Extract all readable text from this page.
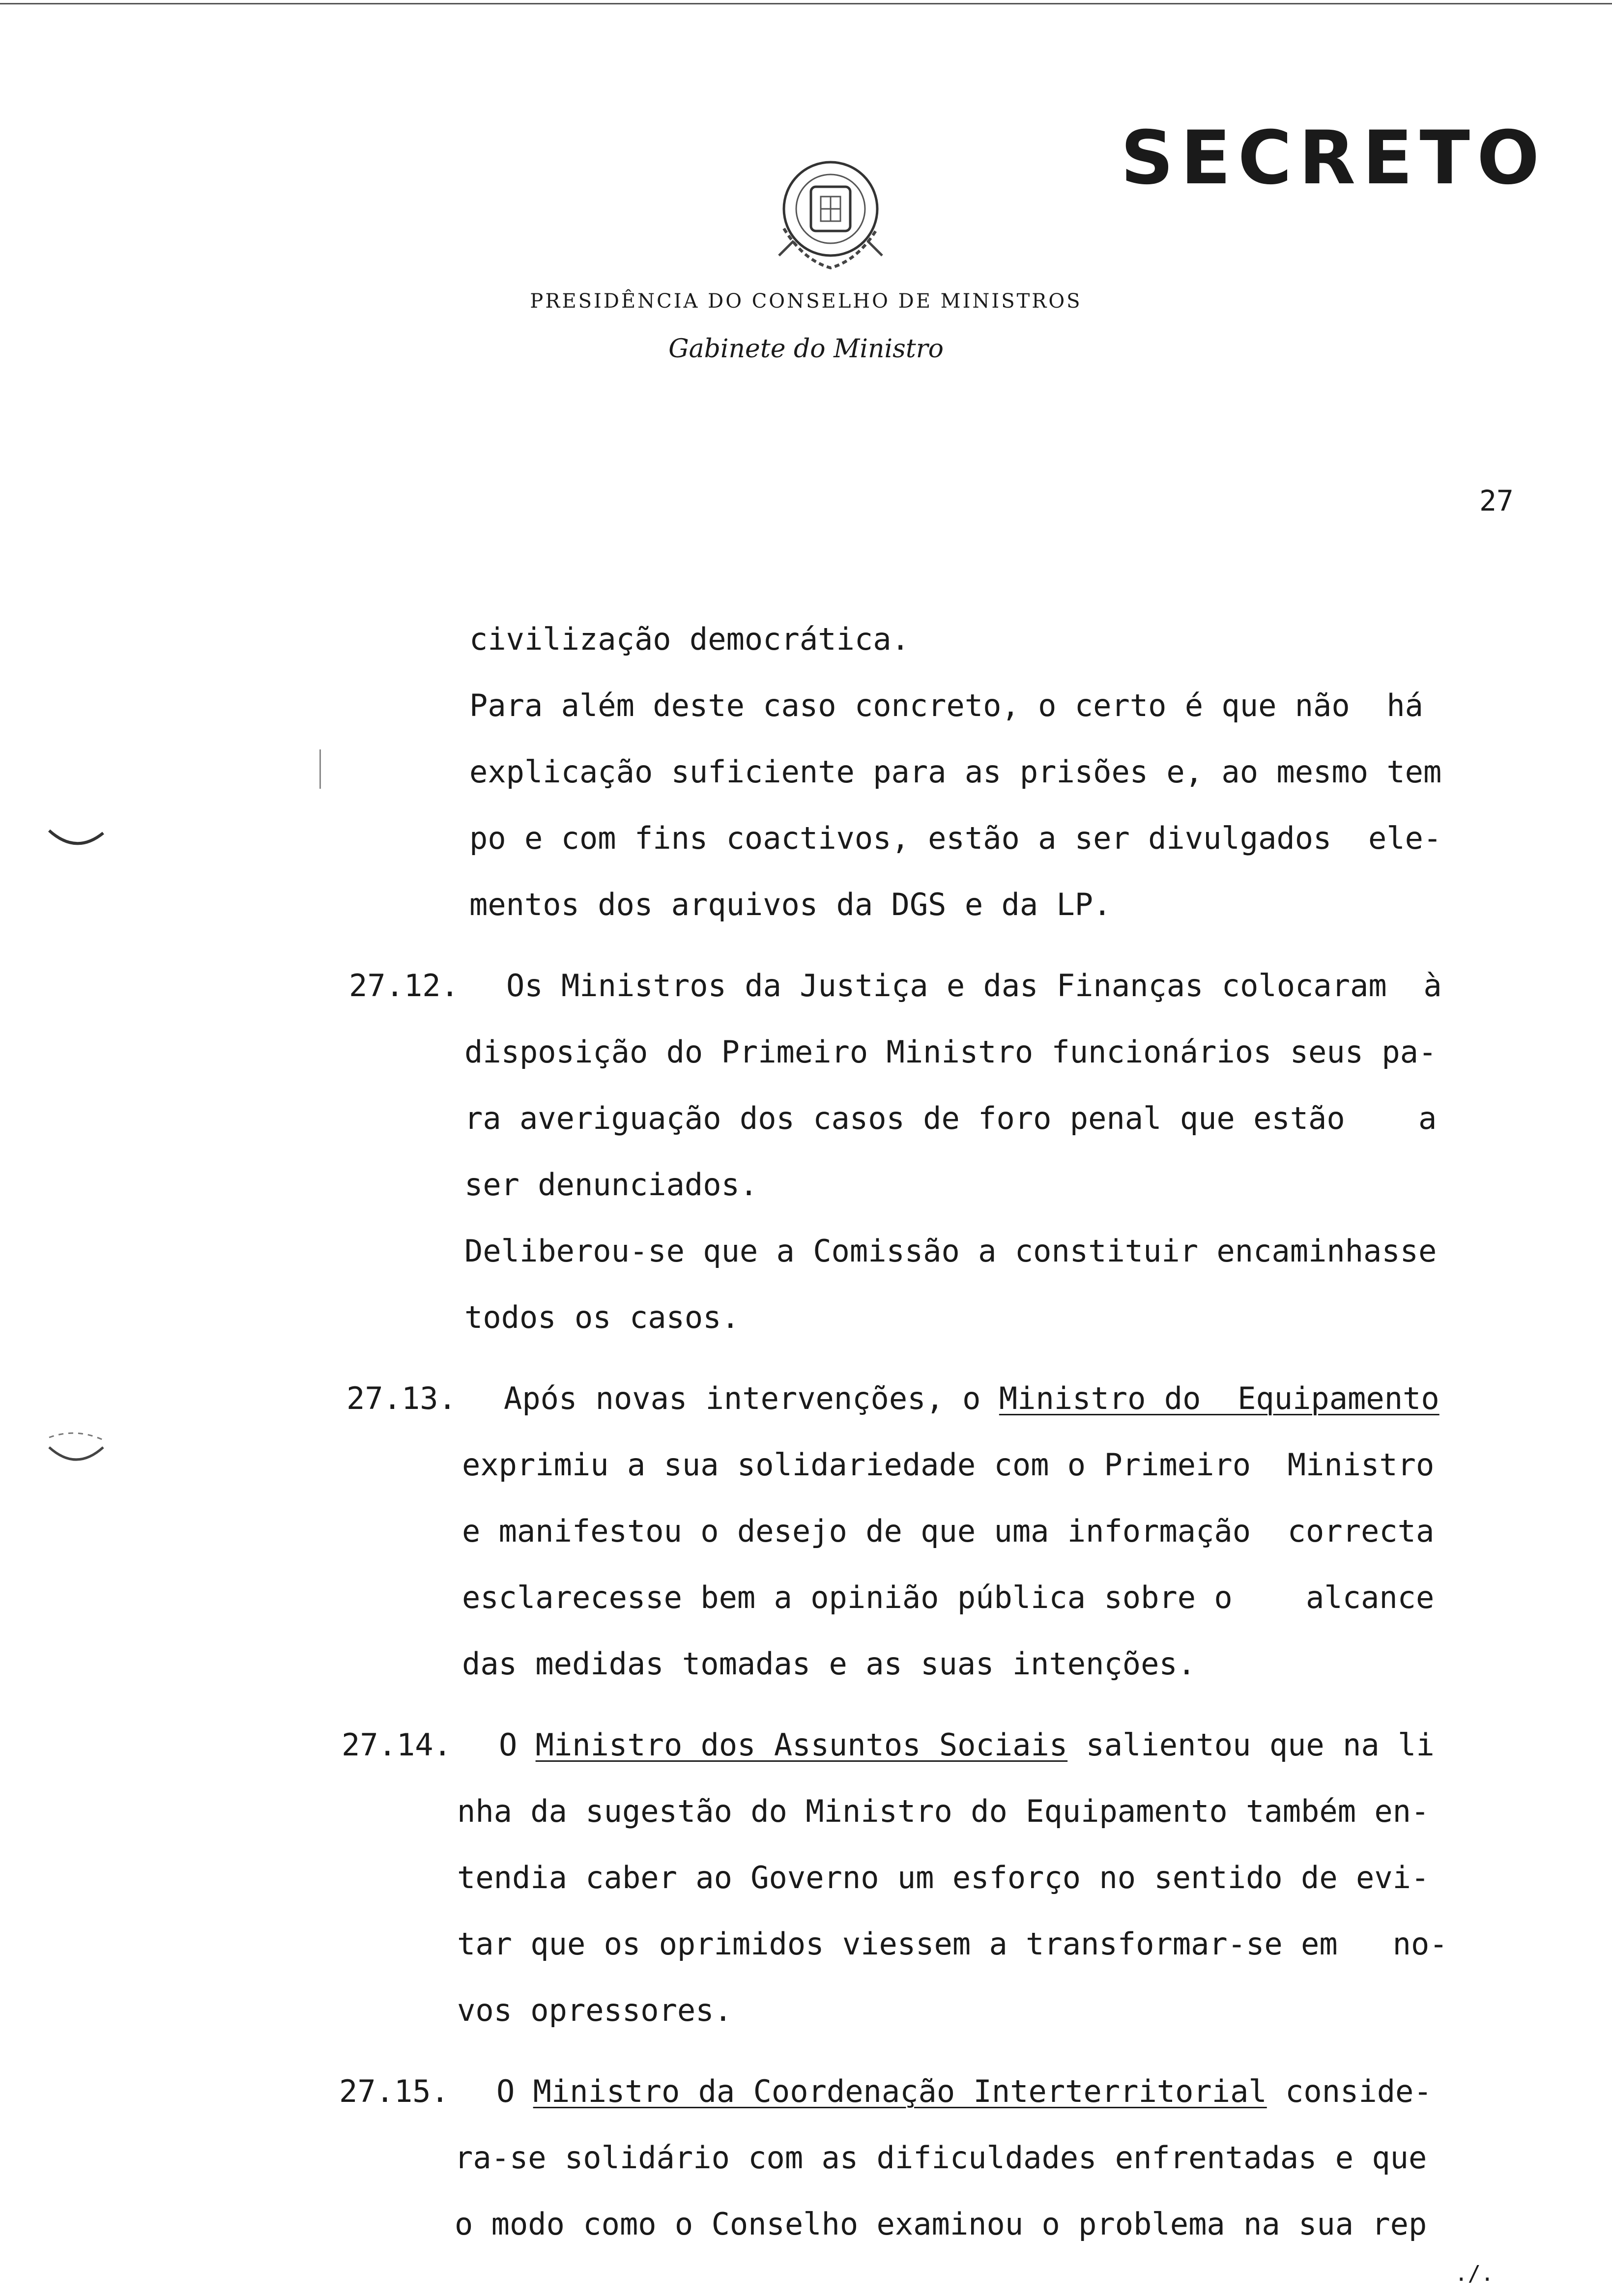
SECRETO
PRESIDÊNCIA DO CONSELHO DE MINISTROS
Gabinete do Ministro
27
civilização democrática.
Para além deste caso concreto, o certo é que não  há
explicação suficiente para as prisões e, ao mesmo tem
po e com fins coactivos, estão a ser divulgados  ele-
mentos dos arquivos da DGS e da LP.
27.12. Os Ministros da Justiça e das Finanças colocaram  à
disposição do Primeiro Ministro funcionários seus pa-
ra averiguação dos casos de foro penal que estão    a
ser denunciados.
Deliberou-se que a Comissão a constituir encaminhasse
todos os casos.
27.13. Após novas intervenções, o Ministro do  Equipamento
exprimiu a sua solidariedade com o Primeiro  Ministro
e manifestou o desejo de que uma informação  correcta
esclarecesse bem a opinião pública sobre o    alcance
das medidas tomadas e as suas intenções.
27.14. O Ministro dos Assuntos Sociais salientou que na li
nha da sugestão do Ministro do Equipamento também en-
tendia caber ao Governo um esforço no sentido de evi-
tar que os oprimidos viessem a transformar-se em   no-
vos opressores.
27.15. O Ministro da Coordenação Interterritorial conside-
ra-se solidário com as dificuldades enfrentadas e que
o modo como o Conselho examinou o problema na sua rep
./.
